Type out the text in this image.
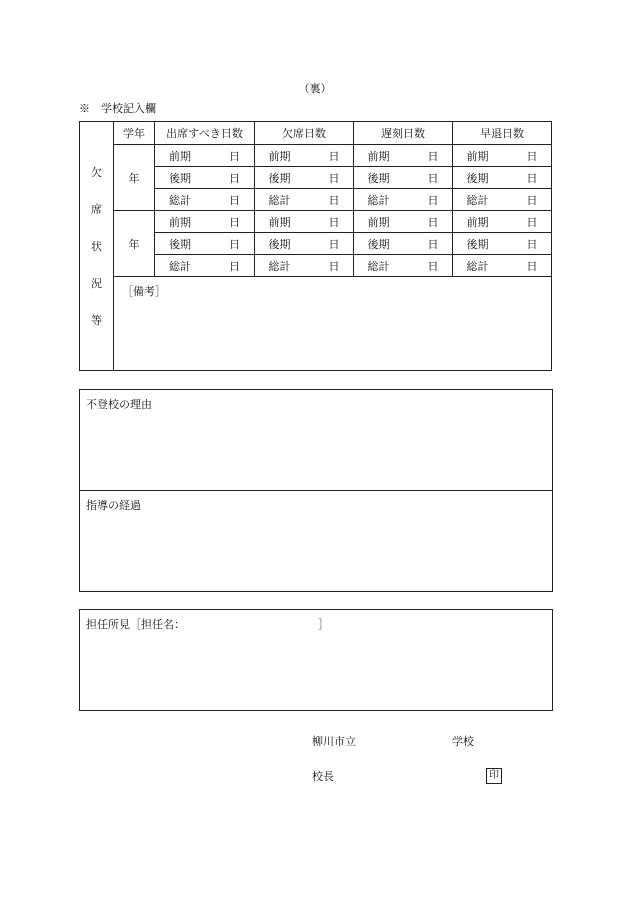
（裏）
※　学校記入欄
欠
席
状
況
等	学年	出席すべき日数	欠席日数	遅刻日数	早退日数
	年	前期 日	前期 日	前期 日	前期 日

		後期 日	後期 日	後期 日	後期 日

		総計 日	総計 日	総計 日	総計 日

	年	前期 日	前期 日	前期 日	前期 日

		後期 日	後期 日	後期 日	後期 日

		総計 日	総計 日	総計 日	総計 日

	［備考］				
不登校の理由
指導の経過
担任所見［担任名：	］
柳川市立	学校
校長	印
